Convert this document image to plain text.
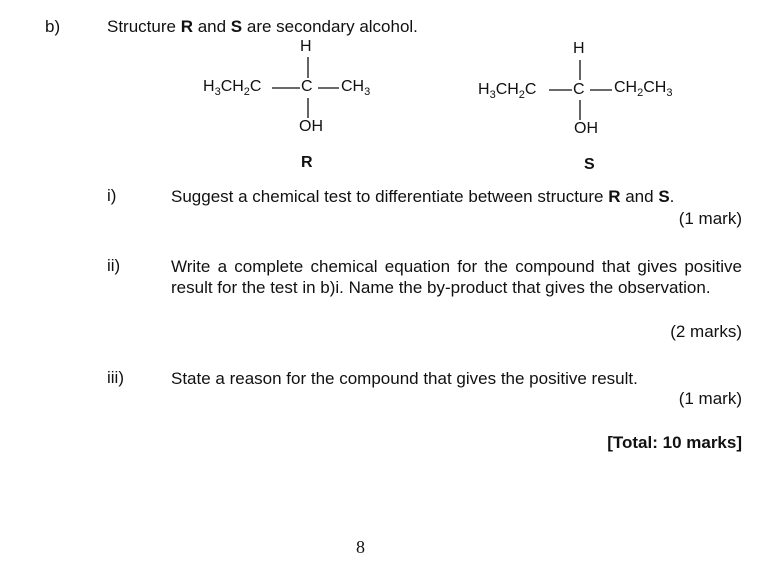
b)	Structure R and S are secondary alcohol.
H
$H_3CH_2C$ C $CH_3$
OH
R
H
$H_3CH_2C$ C $CH_2CH_3$
OH
S
i)	Suggest a chemical test to differentiate between structure R and S.
(1 mark)
ii)	Write a complete chemical equation for the compound that gives positive result for the test in b)i. Name the by-product that gives the observation.
(2 marks)
iii)	State a reason for the compound that gives the positive result.
(1 mark)
[Total: 10 marks]
8
